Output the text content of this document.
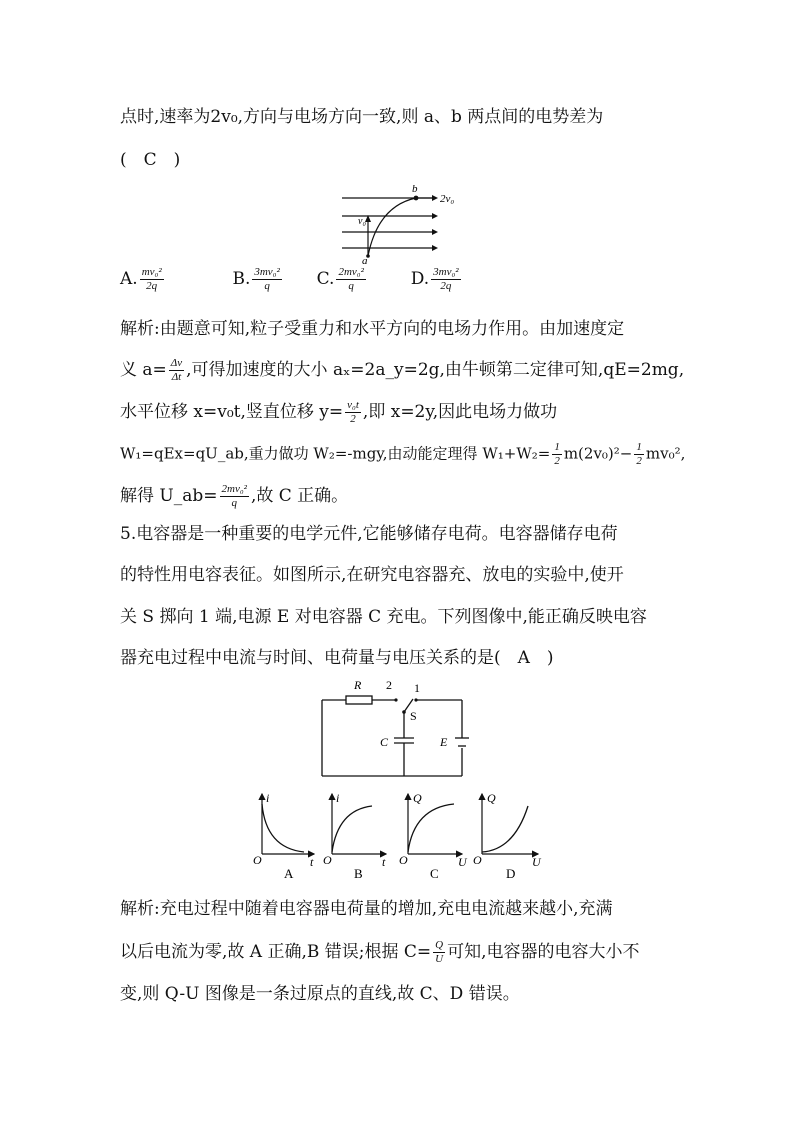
点时,速率为2v₀,方向与电场方向一致,则 a、b 两点间的电势差为
(　C　)
b
2v₀
v₀
a
A. $\frac{\text{mv₀²}}{2q}$	B. $\frac{\text{3mv₀²}}{q} C$. $\frac{\text{2mv₀²}}{q}$	D. $\frac{\text{3mv₀²}}{2q}$
解析:由题意可知,粒子受重力和水平方向的电场力作用。由加速度定
义 $a= \frac{\Delta v}{\Delta t}$ ,可得加速度的大小 aₓ=2a_y=2g,由牛顿第二定律可知,qE=2mg,
水平位移 x=v₀t,竖直位移 $y= \frac{\text{v₀t}}{2}$ ,即 x=2y,因此电场力做功
W₁=qEx=qU_ab,重力做功 W₂=-mgy,由动能定理得 $W_1+W_2= \frac{1}{2} m(2v_0)^2- \frac{1}{2} mv_0^2$,
解得 U_ab= $\frac{\text{2mv₀²}}{q}$ ,故 C 正确。
5.电容器是一种重要的电学元件,它能够储存电荷。电容器储存电荷
的特性用电容表征。如图所示,在研究电容器充、放电的实验中,使开
关 S 掷向 1 端,电源 E 对电容器 C 充电。下列图像中,能正确反映电容
器充电过程中电流与时间、电荷量与电压关系的是(　A　)
R 2 1
S
C	E
i
t
O
A
i
t
O
B
Q
U
O
C
Q
U
O
D
解析:充电过程中随着电容器电荷量的增加,充电电流越来越小,充满
以后电流为零,故 A 正确,B 错误;根据 $C= \frac{Q}{U}$ 可知,电容器的电容大小不
变,则 Q-U 图像是一条过原点的直线,故 C、D 错误。
